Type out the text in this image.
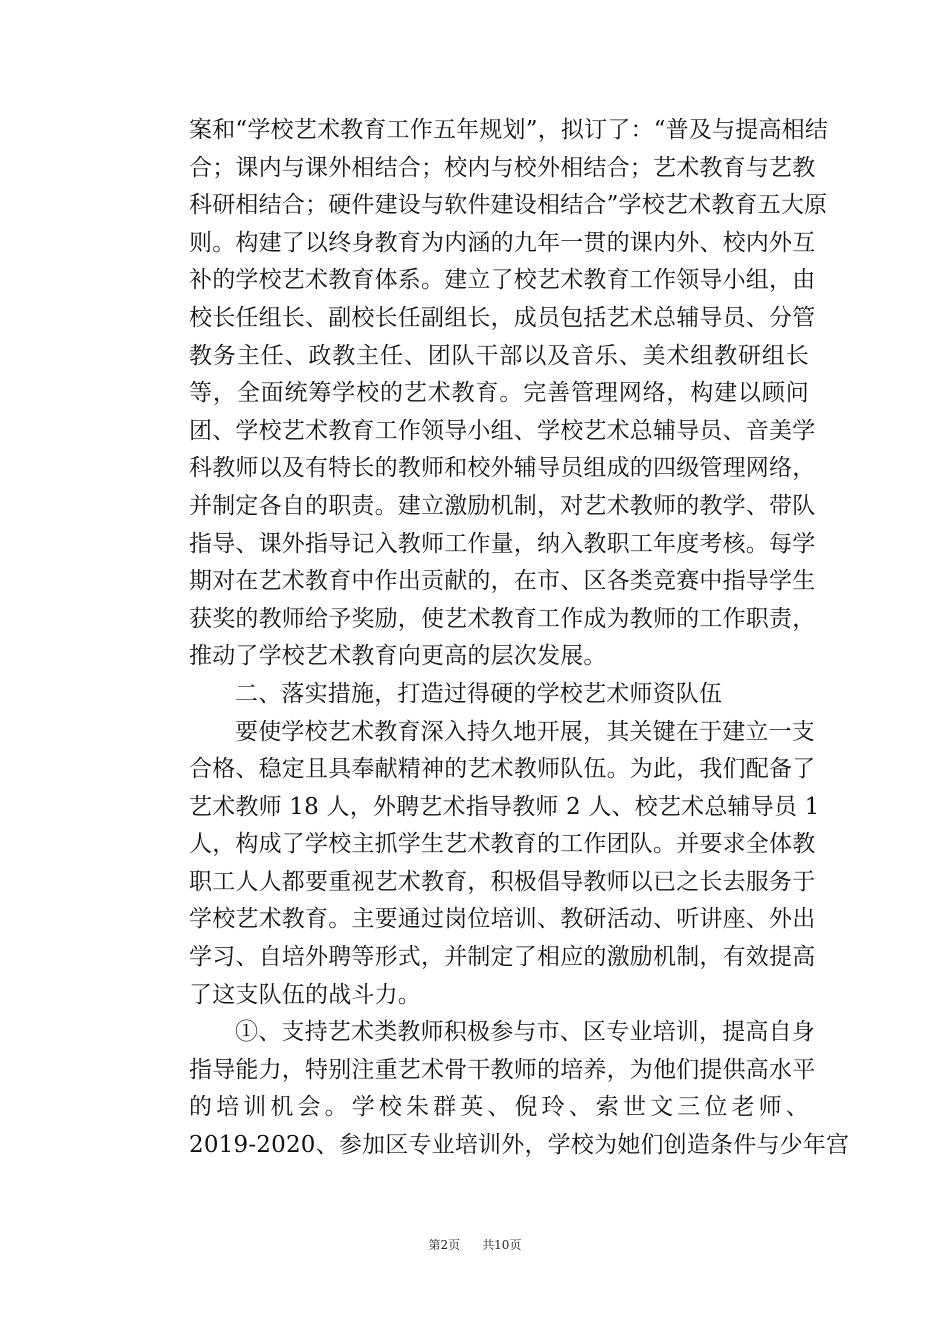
案和“学校艺术教育工作五年规划”，拟订了：“普及与提高相结
合；课内与课外相结合；校内与校外相结合；艺术教育与艺教
科研相结合；硬件建设与软件建设相结合”学校艺术教育五大原
则。构建了以终身教育为内涵的九年一贯的课内外、校内外互
补的学校艺术教育体系。建立了校艺术教育工作领导小组，由
校长任组长、副校长任副组长，成员包括艺术总辅导员、分管
教务主任、政教主任、团队干部以及音乐、美术组教研组长
等，全面统筹学校的艺术教育。完善管理网络，构建以顾问
团、学校艺术教育工作领导小组、学校艺术总辅导员、音美学
科教师以及有特长的教师和校外辅导员组成的四级管理网络，
并制定各自的职责。建立激励机制，对艺术教师的教学、带队
指导、课外指导记入教师工作量，纳入教职工年度考核。每学
期对在艺术教育中作出贡献的，在市、区各类竞赛中指导学生
获奖的教师给予奖励，使艺术教育工作成为教师的工作职责，
推动了学校艺术教育向更高的层次发展。
二、落实措施，打造过得硬的学校艺术师资队伍
要使学校艺术教育深入持久地开展，其关键在于建立一支
合格、稳定且具奉献精神的艺术教师队伍。为此，我们配备了
艺术教师 18 人，外聘艺术指导教师 2 人、校艺术总辅导员 1
人，构成了学校主抓学生艺术教育的工作团队。并要求全体教
职工人人都要重视艺术教育，积极倡导教师以已之长去服务于
学校艺术教育。主要通过岗位培训、教研活动、听讲座、外出
学习、自培外聘等形式，并制定了相应的激励机制，有效提高
了这支队伍的战斗力。
①、支持艺术类教师积极参与市、区专业培训，提高自身
指导能力，特别注重艺术骨干教师的培养，为他们提供高水平
的培训机会。学校朱群英、倪玲、索世文三位老师、
2019-2020、参加区专业培训外，学校为她们创造条件与少年宫
第2页 共10页
